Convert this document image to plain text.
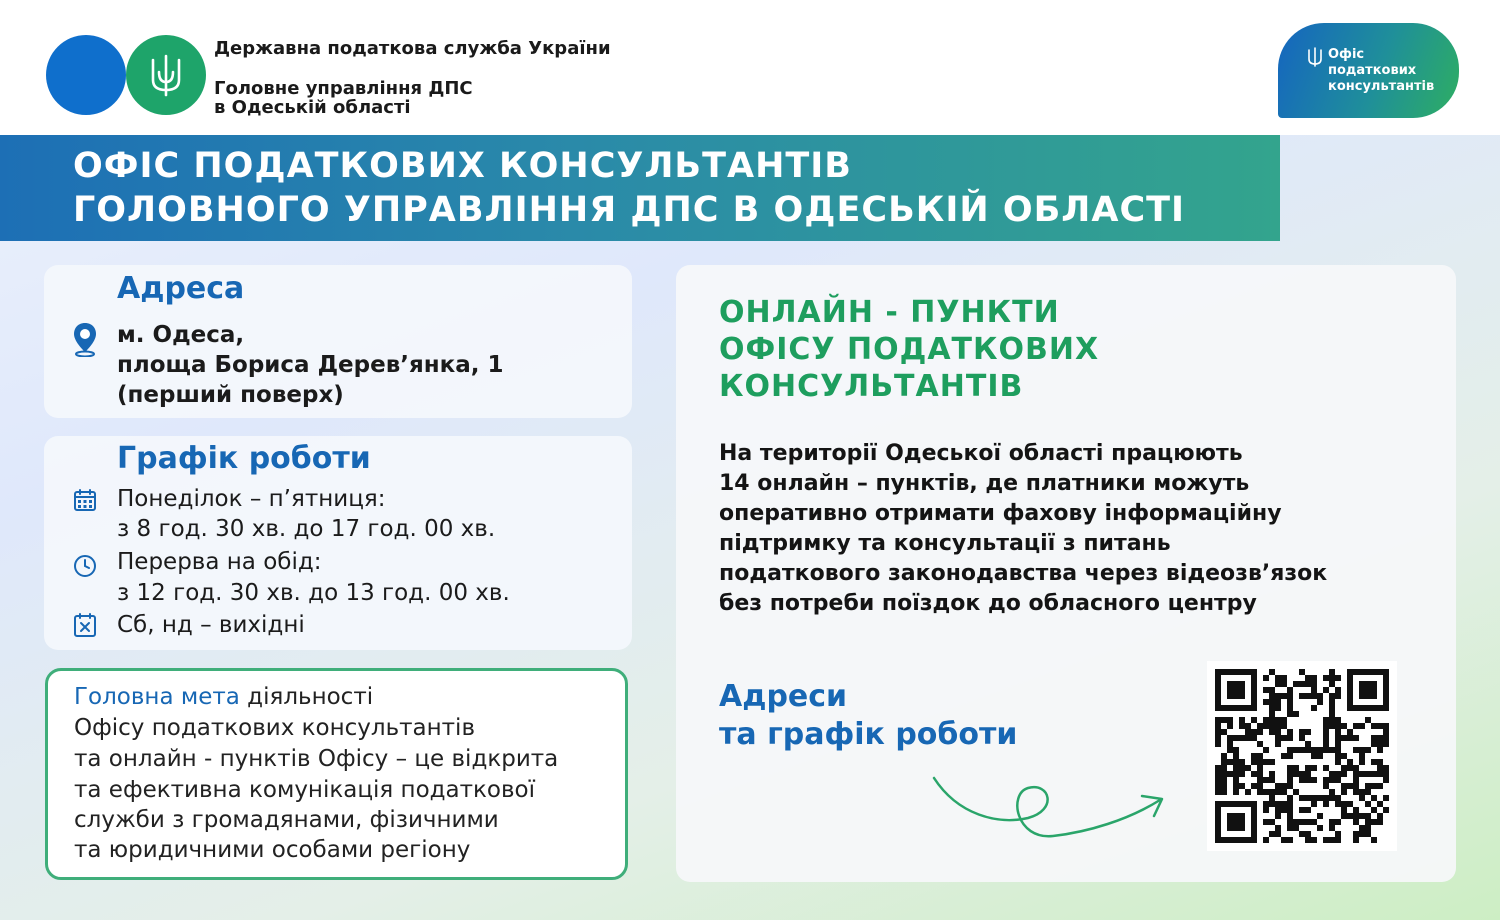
Державна податкова служба України
Головне управління ДПС
в Одеській області
Офіс
податкових
консультантів
ОФІС ПОДАТКОВИХ КОНСУЛЬТАНТІВ
ГОЛОВНОГО УПРАВЛІННЯ ДПС В ОДЕСЬКІЙ ОБЛАСТІ
Адреса
м. Одеса,
площа Бориса Дерев’янка, 1
(перший поверх)
Графік роботи
Понеділок – п’ятниця:
з 8 год. 30 хв. до 17 год. 00 хв.
Перерва на обід:
з 12 год. 30 хв. до 13 год. 00 хв.
Сб, нд – вихідні
Головна мета діяльності
Офісу податкових консультантів
та онлайн - пунктів Офісу – це відкрита
та ефективна комунікація податкової
служби з громадянами, фізичними
та юридичними особами регіону
ОНЛАЙН - ПУНКТИ
ОФІСУ ПОДАТКОВИХ
КОНСУЛЬТАНТІВ
На території Одеської області працюють
14 онлайн – пунктів, де платники можуть
оперативно отримати фахову інформаційну
підтримку та консультації з питань
податкового законодавства через відеозв’язок
без потреби поїздок до обласного центру
Адреси
та графік роботи
